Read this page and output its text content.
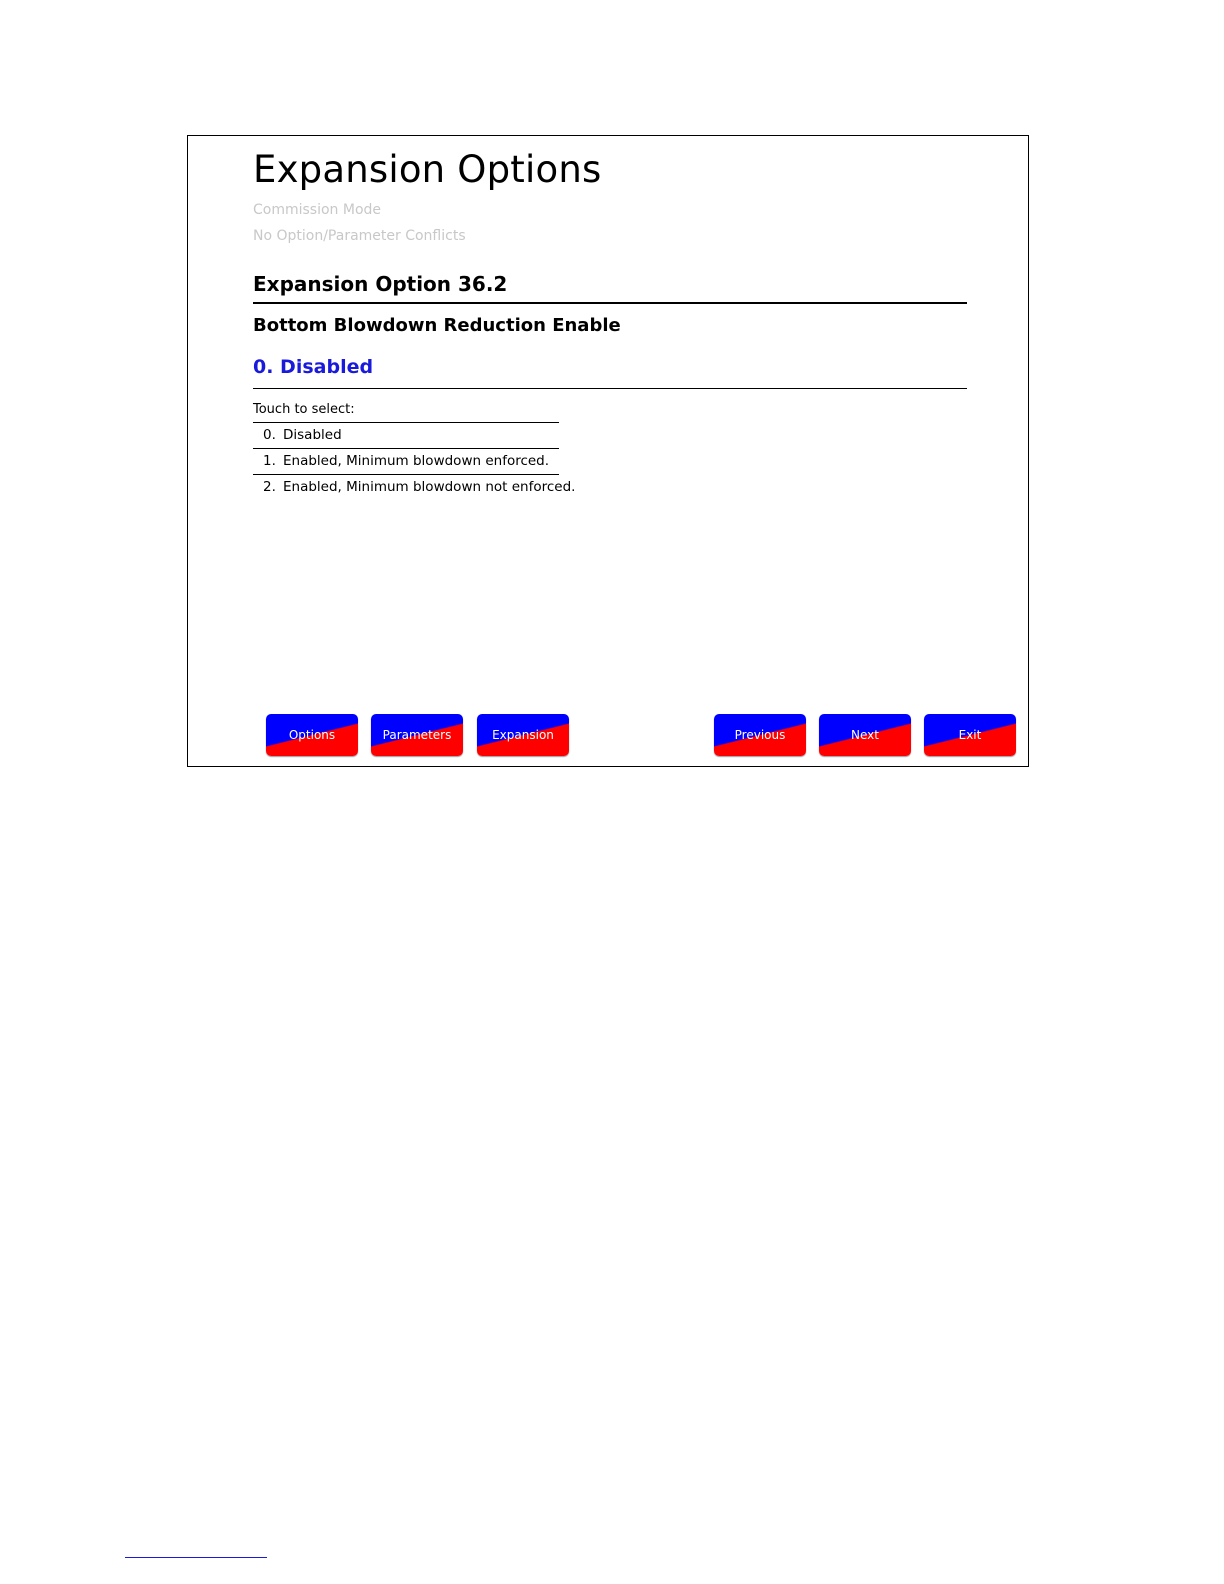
Expansion Options
Commission Mode
No Option/Parameter Conflicts
Expansion Option 36.2
Bottom Blowdown Reduction Enable
0. Disabled
Touch to select:
0. Disabled
1. Enabled, Minimum blowdown enforced.
2. Enabled, Minimum blowdown not enforced.
Options	Parameters	Expansion	Previous	Next	Exit
